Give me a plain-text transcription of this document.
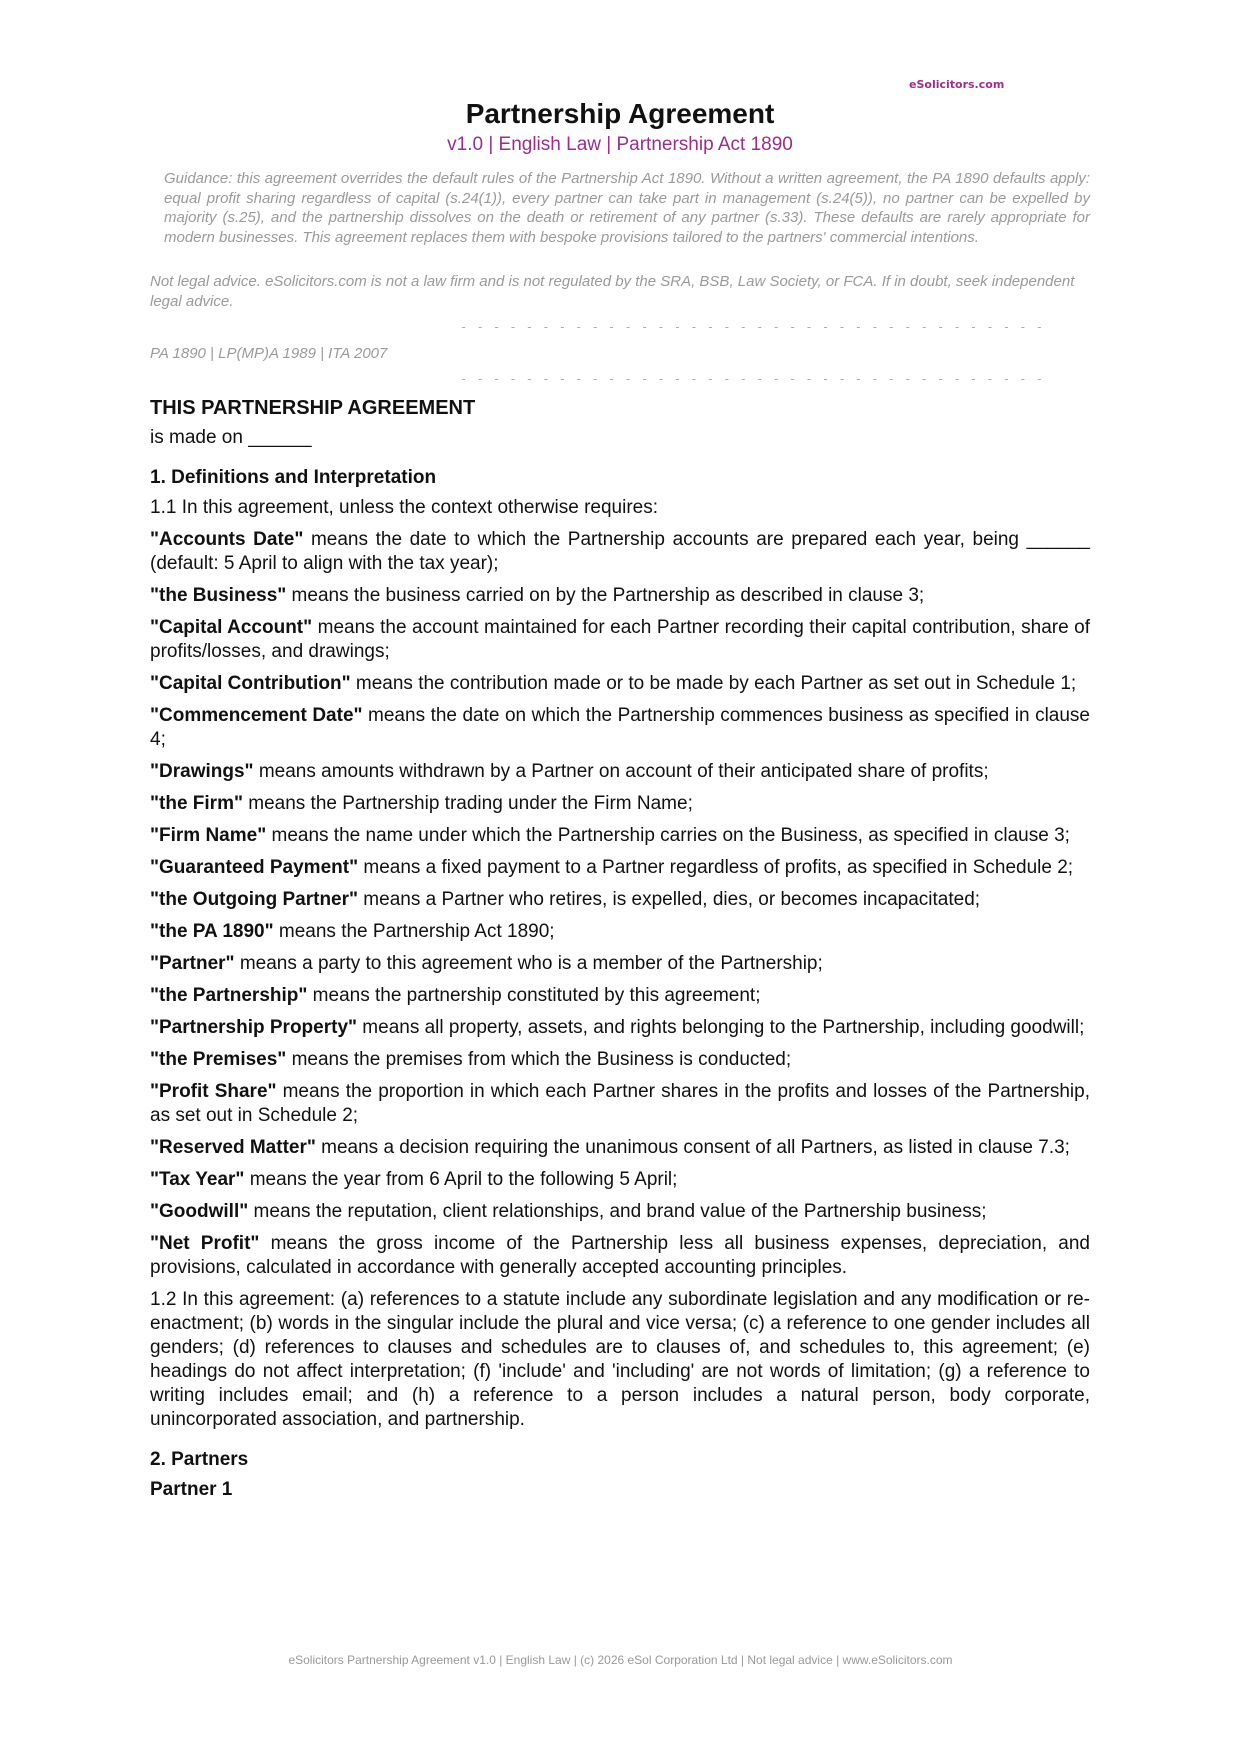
eSolicitors.com
Partnership Agreement
v1.0 | English Law | Partnership Act 1890
Guidance: this agreement overrides the default rules of the Partnership Act 1890. Without a written agreement, the PA 1890 defaults apply: equal profit sharing regardless of capital (s.24(1)), every partner can take part in management (s.24(5)), no partner can be expelled by majority (s.25), and the partnership dissolves on the death or retirement of any partner (s.33). These defaults are rarely appropriate for modern businesses. This agreement replaces them with bespoke provisions tailored to the partners' commercial intentions.
Not legal advice. eSolicitors.com is not a law firm and is not regulated by the SRA, BSB, Law Society, or FCA. If in doubt, seek independent legal advice.
- - - - - - - - - - - - - - - - - - - - - - - - - - - - - - - - - - - -
PA 1890 | LP(MP)A 1989 | ITA 2007
- - - - - - - - - - - - - - - - - - - - - - - - - - - - - - - - - - - -

THIS PARTNERSHIP AGREEMENT

is made on ______

1. Definitions and Interpretation

1.1 In this agreement, unless the context otherwise requires:

"Accounts Date" means the date to which the Partnership accounts are prepared each year, being ______ (default: 5 April to align with the tax year);

"the Business" means the business carried on by the Partnership as described in clause 3;

"Capital Account" means the account maintained for each Partner recording their capital contribution, share of profits/losses, and drawings;

"Capital Contribution" means the contribution made or to be made by each Partner as set out in Schedule 1;

"Commencement Date" means the date on which the Partnership commences business as specified in clause 4;

"Drawings" means amounts withdrawn by a Partner on account of their anticipated share of profits;

"the Firm" means the Partnership trading under the Firm Name;

"Firm Name" means the name under which the Partnership carries on the Business, as specified in clause 3;

"Guaranteed Payment" means a fixed payment to a Partner regardless of profits, as specified in Schedule 2;

"the Outgoing Partner" means a Partner who retires, is expelled, dies, or becomes incapacitated;

"the PA 1890" means the Partnership Act 1890;

"Partner" means a party to this agreement who is a member of the Partnership;

"the Partnership" means the partnership constituted by this agreement;

"Partnership Property" means all property, assets, and rights belonging to the Partnership, including goodwill;

"the Premises" means the premises from which the Business is conducted;

"Profit Share" means the proportion in which each Partner shares in the profits and losses of the Partnership, as set out in Schedule 2;

"Reserved Matter" means a decision requiring the unanimous consent of all Partners, as listed in clause 7.3;

"Tax Year" means the year from 6 April to the following 5 April;

"Goodwill" means the reputation, client relationships, and brand value of the Partnership business;

"Net Profit" means the gross income of the Partnership less all business expenses, depreciation, and provisions, calculated in accordance with generally accepted accounting principles.

1.2 In this agreement: (a) references to a statute include any subordinate legislation and any modification or re-enactment; (b) words in the singular include the plural and vice versa; (c) a reference to one gender includes all genders; (d) references to clauses and schedules are to clauses of, and schedules to, this agreement; (e) headings do not affect interpretation; (f) 'include' and 'including' are not words of limitation; (g) a reference to writing includes email; and (h) a reference to a person includes a natural person, body corporate, unincorporated association, and partnership.

2. Partners

Partner 1

eSolicitors Partnership Agreement v1.0 | English Law | (c) 2026 eSol Corporation Ltd | Not legal advice | www.eSolicitors.com
